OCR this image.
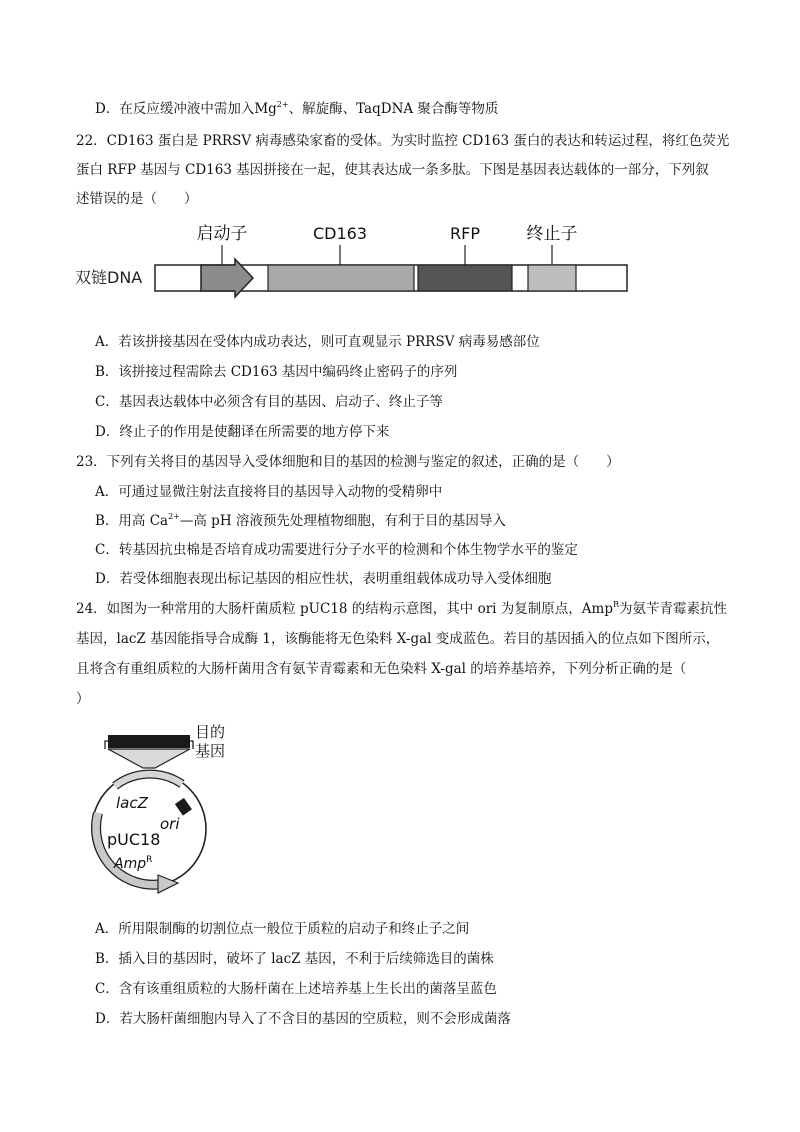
D．在反应缓冲液中需加入$Mg^{2+}$、解旋酶、TaqDNA 聚合酶等物质
22．CD163 蛋白是 PRRSV 病毒感染家畜的受体。为实时监控 CD163 蛋白的表达和转运过程，将红色荧光
蛋白 RFP 基因与 CD163 基因拼接在一起，使其表达成一条多肽。下图是基因表达载体的一部分，下列叙
述错误的是（　　）
双链DNA
启动子	CD163	RFP	终止子
A．若该拼接基因在受体内成功表达，则可直观显示 PRRSV 病毒易感部位
B．该拼接过程需除去 CD163 基因中编码终止密码子的序列
C．基因表达载体中必须含有目的基因、启动子、终止子等
D．终止子的作用是使翻译在所需要的地方停下来
23．下列有关将目的基因导入受体细胞和目的基因的检测与鉴定的叙述，正确的是（　　）
A．可通过显微注射法直接将目的基因导入动物的受精卵中
B．用高 $Ca^{2+}—$高 pH 溶液预先处理植物细胞，有利于目的基因导入
C．转基因抗虫棉是否培育成功需要进行分子水平的检测和个体生物学水平的鉴定
D．若受体细胞表现出标记基因的相应性状，表明重组载体成功导入受体细胞
24．如图为一种常用的大肠杆菌质粒 pUC18 的结构示意图，其中 ori 为复制原点，Amp$^R$为氨苄青霉素抗性
基因，lacZ 基因能指导合成酶 1，该酶能将无色染料 X-gal 变成蓝色。若目的基因插入的位点如下图所示，
且将含有重组质粒的大肠杆菌用含有氨苄青霉素和无色染料 X-gal 的培养基培养，下列分析正确的是（
）
目的
基因
lacZ
ori
pUC18
Amp$^R$
A．所用限制酶的切割位点一般位于质粒的启动子和终止子之间
B．插入目的基因时，破坏了 lacZ 基因，不利于后续筛选目的菌株
C．含有该重组质粒的大肠杆菌在上述培养基上生长出的菌落呈蓝色
D．若大肠杆菌细胞内导入了不含目的基因的空质粒，则不会形成菌落
